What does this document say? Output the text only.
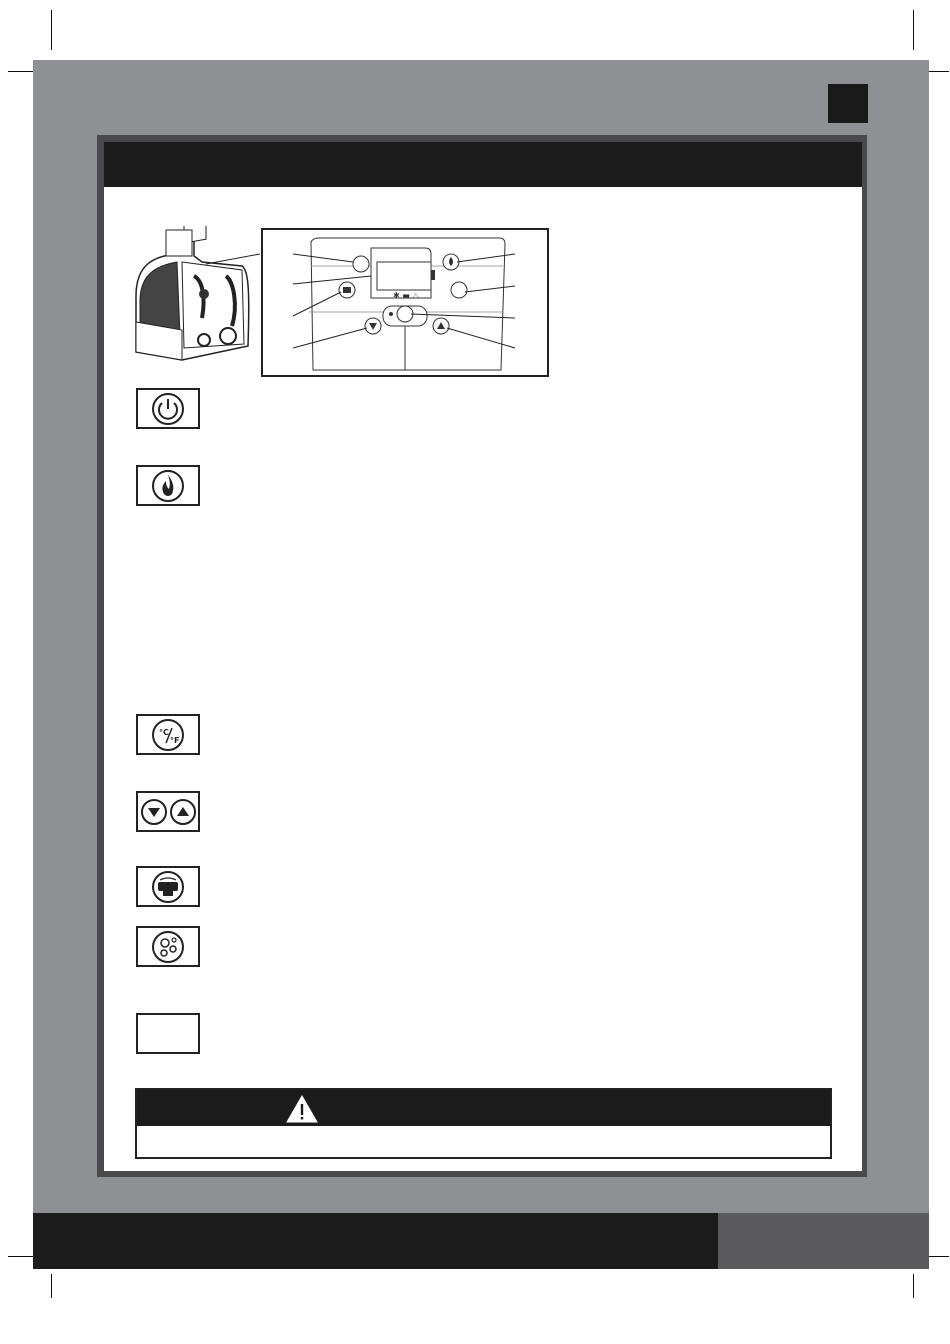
✱ ▬ ♨
°C
°F
